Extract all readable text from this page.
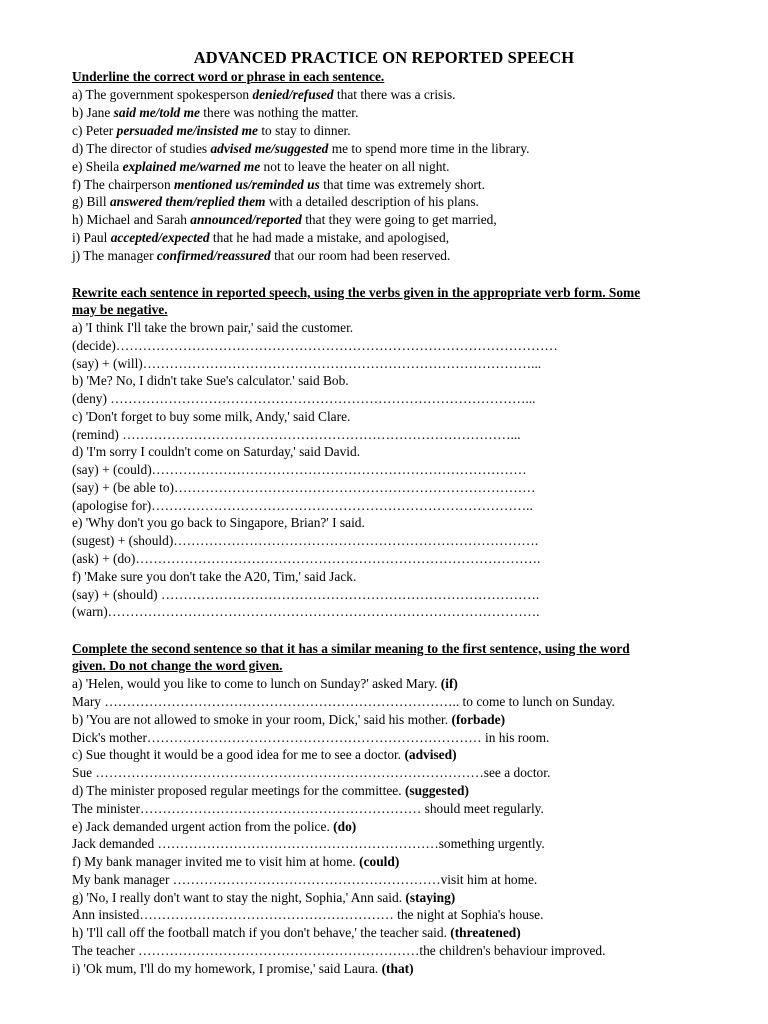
ADVANCED PRACTICE ON REPORTED SPEECH
Underline the correct word or phrase in each sentence.
a) The government spokesperson denied/refused that there was a crisis.
b) Jane said me/told me there was nothing the matter.
c) Peter persuaded me/insisted me to stay to dinner.
d) The director of studies advised me/suggested me to spend more time in the library.
e) Sheila explained me/warned me not to leave the heater on all night.
f) The chairperson mentioned us/reminded us that time was extremely short.
g) Bill answered them/replied them with a detailed description of his plans.
h) Michael and Sarah announced/reported that they were going to get married,
i) Paul accepted/expected that he had made a mistake, and apologised,
j) The manager confirmed/reassured that our room had been reserved.
Rewrite each sentence in reported speech, using the verbs given in the appropriate verb form. Some
may be negative.
a) 'I think I'll take the brown pair,' said the customer.
(decide)………………………………………………………………………………………
(say) + (will)……………………………………………………………………………...
b) 'Me? No, I didn't take Sue's calculator.' said Bob.
(deny) …………………………………………………………………………………...
c) 'Don't forget to buy some milk, Andy,' said Clare.
(remind) ……………………………………………………………………………...
d) 'I'm sorry I couldn't come on Saturday,' said David.
(say) + (could)…………………………………………………………………………
(say) + (be able to)………………………………………………………………………
(apologise for)…………………………………………………………………………..
e) 'Why don't you go back to Singapore, Brian?' I said.
(sugest) + (should)……………………………………………………………………….
(ask) + (do)……………………………………………………………………………….
f) 'Make sure you don't take the A20, Tim,' said Jack.
(say) + (should) ………………………………………………………………………….
(warn)…………………………………………………………………………………….
Complete the second sentence so that it has a similar meaning to the first sentence, using the word
given. Do not change the word given.
a) 'Helen, would you like to come to lunch on Sunday?' asked Mary. (if)
Mary …………………………………………………………………….. to come to lunch on Sunday.
b) 'You are not allowed to smoke in your room, Dick,' said his mother. (forbade)
Dick's mother………………………………………………………………… in his room.
c) Sue thought it would be a good idea for me to see a doctor. (advised)
Sue ……………………………………………………………………………see a doctor.
d) The minister proposed regular meetings for the committee. (suggested)
The minister……………………………………………………… should meet regularly.
e) Jack demanded urgent action from the police. (do)
Jack demanded ………………………………………………………something urgently.
f) My bank manager invited me to visit him at home. (could)
My bank manager ……………………………………………………visit him at home.
g) 'No, I really don't want to stay the night, Sophia,' Ann said. (staying)
Ann insisted………………………………………………… the night at Sophia's house.
h) 'I'll call off the football match if you don't behave,' the teacher said. (threatened)
The teacher ………………………………………………………the children's behaviour improved.
i) 'Ok mum, I'll do my homework, I promise,' said Laura. (that)
